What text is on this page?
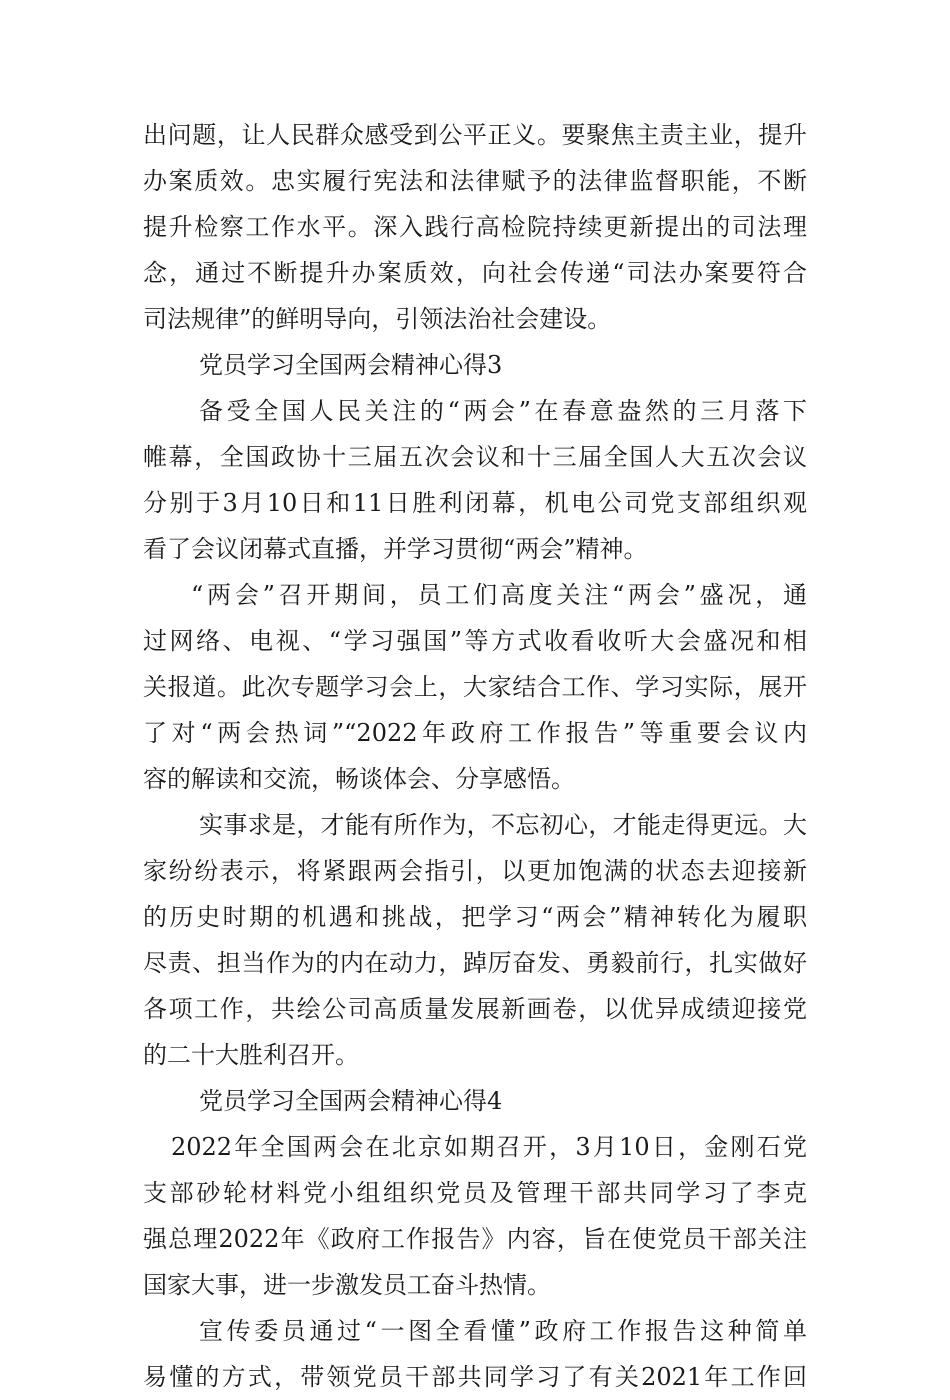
出问题，让人民群众感受到公平正义。要聚焦主责主业，提升
办案质效。忠实履行宪法和法律赋予的法律监督职能，不断
提升检察工作水平。深入践行高检院持续更新提出的司法理
念，通过不断提升办案质效，向社会传递“司法办案要符合
司法规律”的鲜明导向，引领法治社会建设。
党员学习全国两会精神心得3
备受全国人民关注的“两会”在春意盎然的三月落下
帷幕，全国政协十三届五次会议和十三届全国人大五次会议
分别于3月10日和11日胜利闭幕，机电公司党支部组织观
看了会议闭幕式直播，并学习贯彻“两会”精神。
“两会”召开期间，员工们高度关注“两会”盛况，通
过网络、电视、“学习强国”等方式收看收听大会盛况和相
关报道。此次专题学习会上，大家结合工作、学习实际，展开
了对“两会热词”“2022年政府工作报告”等重要会议内
容的解读和交流，畅谈体会、分享感悟。
实事求是，才能有所作为，不忘初心，才能走得更远。大
家纷纷表示，将紧跟两会指引，以更加饱满的状态去迎接新
的历史时期的机遇和挑战，把学习“两会”精神转化为履职
尽责、担当作为的内在动力，踔厉奋发、勇毅前行，扎实做好
各项工作，共绘公司高质量发展新画卷，以优异成绩迎接党
的二十大胜利召开。
党员学习全国两会精神心得4
2022年全国两会在北京如期召开，3月10日，金刚石党
支部砂轮材料党小组组织党员及管理干部共同学习了李克
强总理2022年《政府工作报告》内容，旨在使党员干部关注
国家大事，进一步激发员工奋斗热情。
宣传委员通过“一图全看懂”政府工作报告这种简单
易懂的方式，带领党员干部共同学习了有关2021年工作回
